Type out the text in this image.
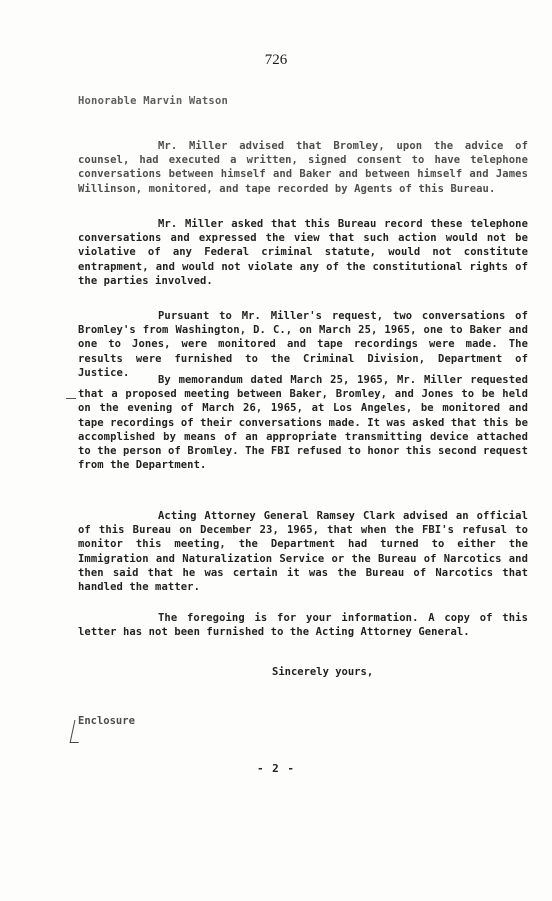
726
Honorable Marvin Watson
Mr. Miller advised that Bromley, upon the advice of counsel, had executed a written, signed consent to have telephone conversations between himself and Baker and between himself and James Willinson, monitored, and tape recorded by Agents of this Bureau.
Mr. Miller asked that this Bureau record these telephone conversations and expressed the view that such action would not be violative of any Federal criminal statute, would not constitute entrapment, and would not violate any of the constitutional rights of the parties involved.
Pursuant to Mr. Miller's request, two conversations of Bromley's from Washington, D. C., on March 25, 1965, one to Baker and one to Jones, were monitored and tape recordings were made. The results were furnished to the Criminal Division, Department of Justice.
By memorandum dated March 25, 1965, Mr. Miller requested that a proposed meeting between Baker, Bromley, and Jones to be held on the evening of March 26, 1965, at Los Angeles, be monitored and tape recordings of their conversations made. It was asked that this be accomplished by means of an appropriate transmitting device attached to the person of Bromley. The FBI refused to honor this second request from the Department.
Acting Attorney General Ramsey Clark advised an official of this Bureau on December 23, 1965, that when the FBI's refusal to monitor this meeting, the Department had turned to either the Immigration and Naturalization Service or the Bureau of Narcotics and then said that he was certain it was the Bureau of Narcotics that handled the matter.
The foregoing is for your information. A copy of this letter has not been furnished to the Acting Attorney General.
Sincerely yours,
Enclosure
- 2 -
